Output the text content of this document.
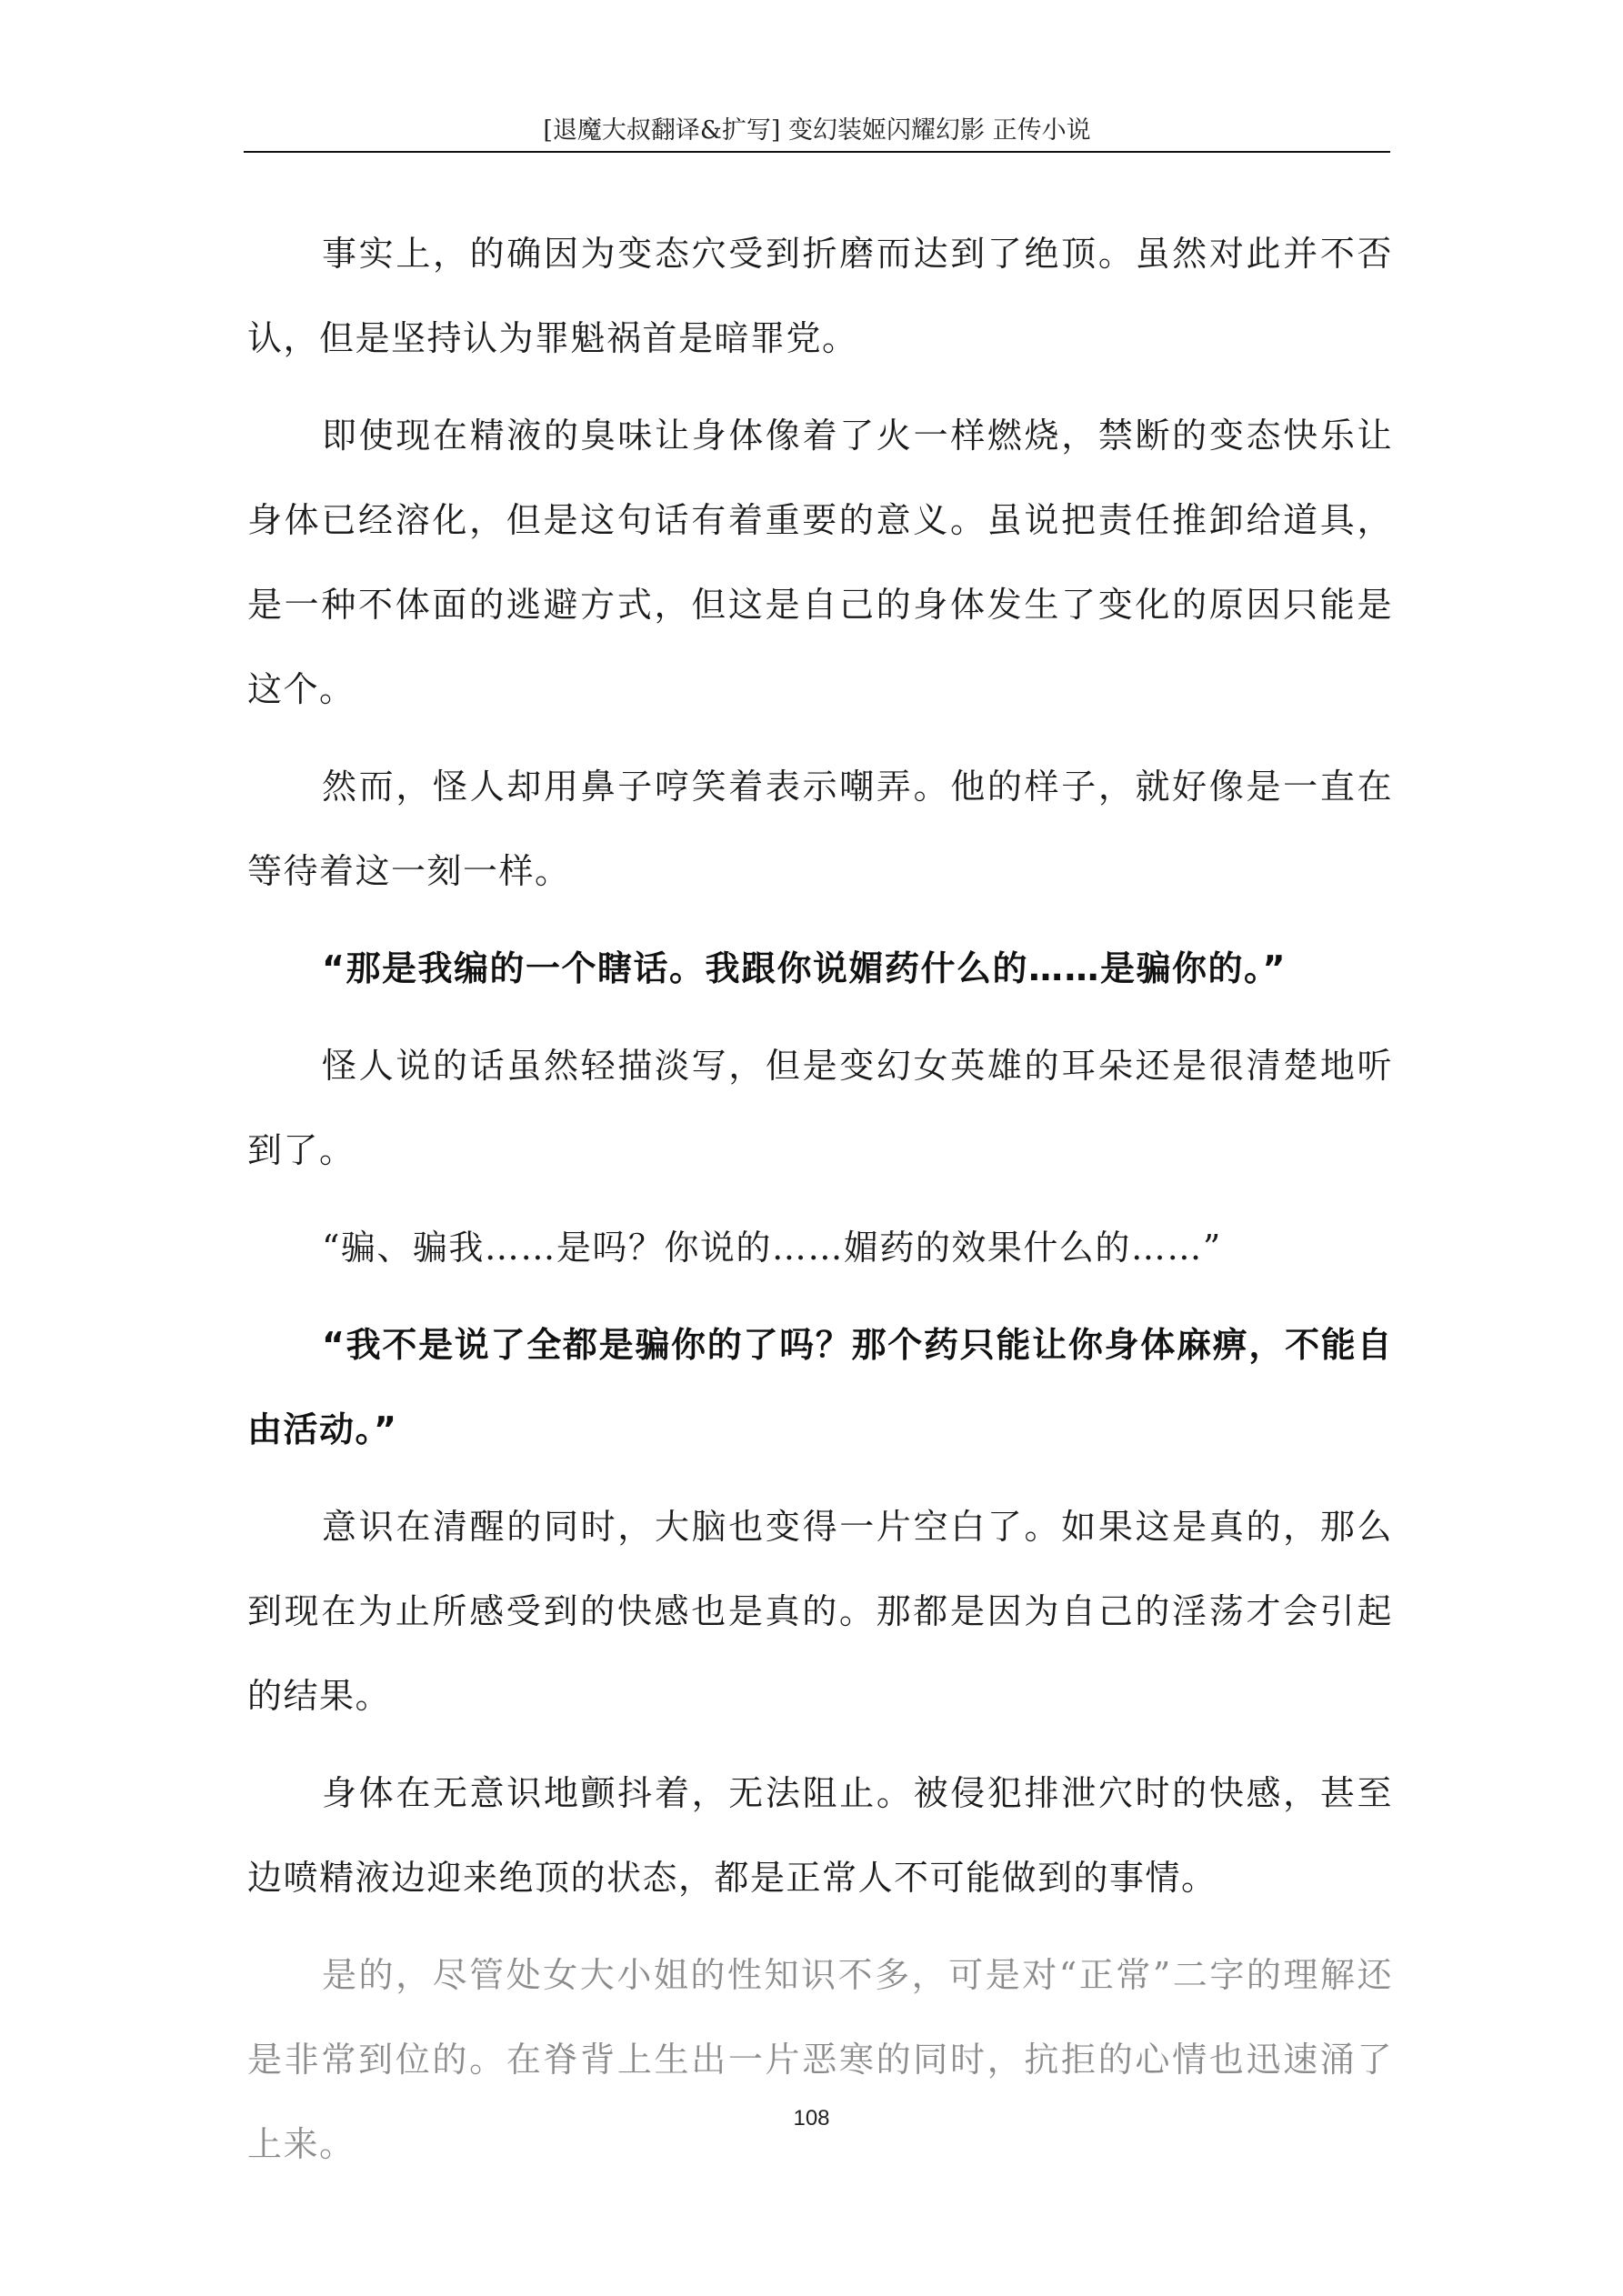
[退魔大叔翻译&扩写] 变幻装姬闪耀幻影 正传小说

事实上，的确因为变态穴受到折磨而达到了绝顶。虽然对此并不否认，但是坚持认为罪魁祸首是暗罪党。

即使现在精液的臭味让身体像着了火一样燃烧，禁断的变态快乐让身体已经溶化，但是这句话有着重要的意义。虽说把责任推卸给道具，是一种不体面的逃避方式，但这是自己的身体发生了变化的原因只能是这个。

然而，怪人却用鼻子哼笑着表示嘲弄。他的样子，就好像是一直在等待着这一刻一样。

“那是我编的一个瞎话。我跟你说媚药什么的……是骗你的。”

怪人说的话虽然轻描淡写，但是变幻女英雄的耳朵还是很清楚地听到了。

“骗、骗我……是吗？你说的……媚药的效果什么的……”

“我不是说了全都是骗你的了吗？那个药只能让你身体麻痹，不能自由活动。”

意识在清醒的同时，大脑也变得一片空白了。如果这是真的，那么到现在为止所感受到的快感也是真的。那都是因为自己的淫荡才会引起的结果。

身体在无意识地颤抖着，无法阻止。被侵犯排泄穴时的快感，甚至边喷精液边迎来绝顶的状态，都是正常人不可能做到的事情。

是的，尽管处女大小姐的性知识不多，可是对“正常”二字的理解还是非常到位的。在脊背上生出一片恶寒的同时，抗拒的心情也迅速涌了上来。

108
